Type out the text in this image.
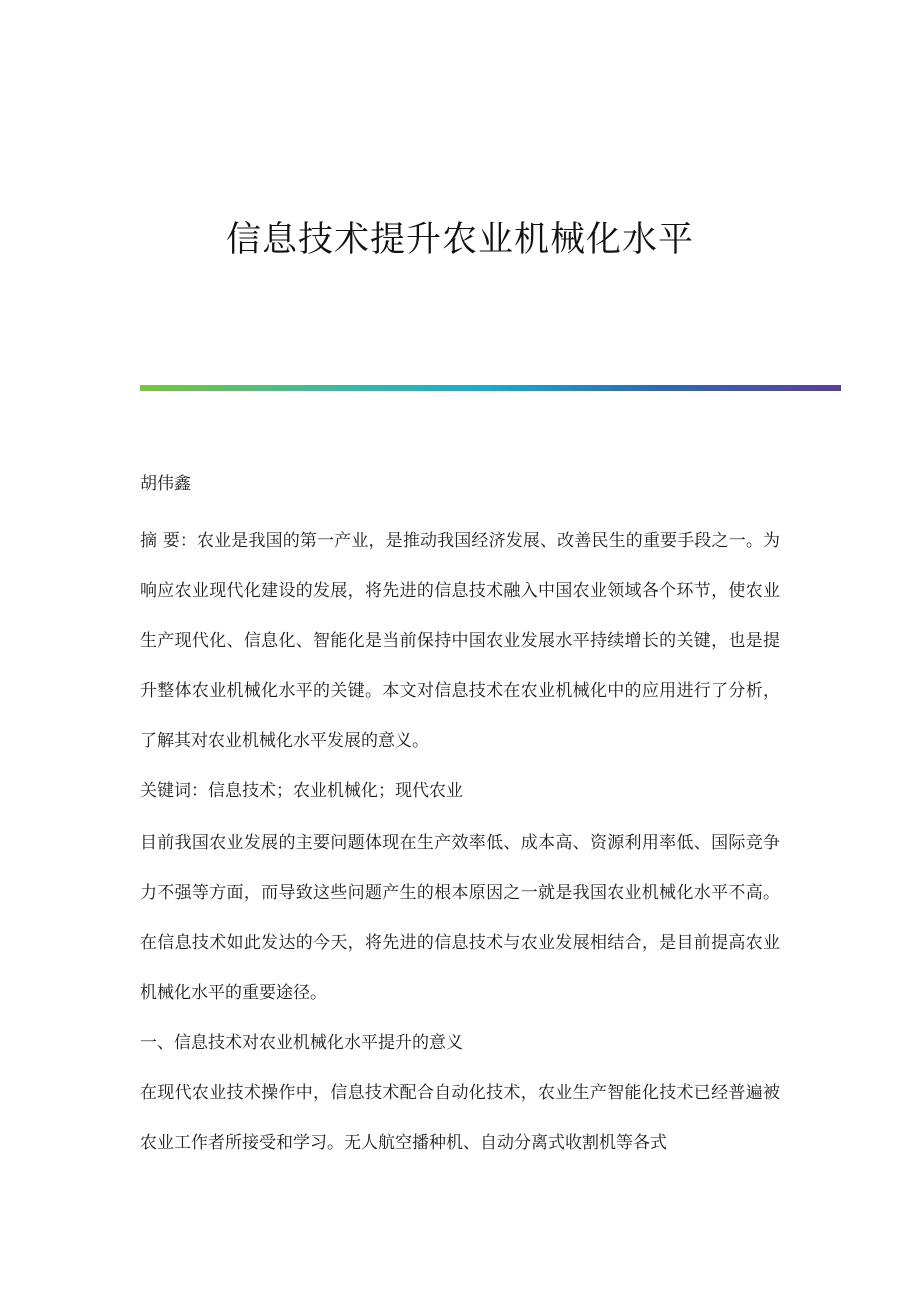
信息技术提升农业机械化水平
胡伟鑫
摘 要：农业是我国的第一产业，是推动我国经济发展、改善民生的重要手段之一。为响应农业现代化建设的发展，将先进的信息技术融入中国农业领域各个环节，使农业生产现代化、信息化、智能化是当前保持中国农业发展水平持续增长的关键，也是提升整体农业机械化水平的关键。本文对信息技术在农业机械化中的应用进行了分析，了解其对农业机械化水平发展的意义。
关键词：信息技术；农业机械化；现代农业
目前我国农业发展的主要问题体现在生产效率低、成本高、资源利用率低、国际竞争力不强等方面，而导致这些问题产生的根本原因之一就是我国农业机械化水平不高。在信息技术如此发达的今天，将先进的信息技术与农业发展相结合，是目前提高农业机械化水平的重要途径。
一、信息技术对农业机械化水平提升的意义
在现代农业技术操作中，信息技术配合自动化技术，农业生产智能化技术已经普遍被农业工作者所接受和学习。无人航空播种机、自动分离式收割机等各式
